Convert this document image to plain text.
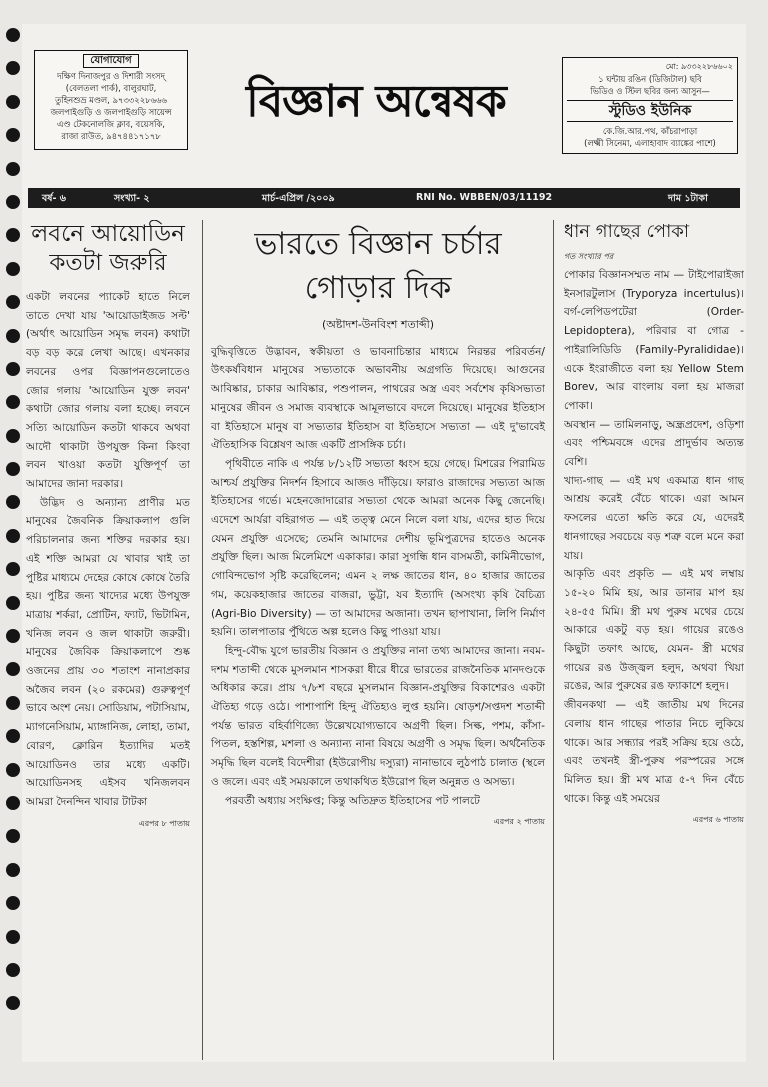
যোগাযোগ
দক্ষিণ দিনাজপুর ও দিশারী সংসদ্‌
(বেলতলা পার্ক), বালুরঘাট,
তুহিনশুভ্র মণ্ডল, ৯৭৩৩২২৮৬৬৬
জলপাইগুড়ি ও জলপাইগুড়ি সায়েন্স
এণ্ড টেকনোলজি ক্লাব, বয়েসকি,
রাজা রাউত, ৯৪৭৪৪১৭১৭৮
বিজ্ঞান অন্বেষক
মো: ৯৩৩২২৮৬৬০২
১ ঘন্টায় রঙিন (ডিজিটাল) ছবি
ভিডিও ও স্টিল ছবির জন্য আসুন—
স্টুডিও ইউনিক
কে.জি.আর.পথ, কাঁচরাপাড়া
(লক্ষ্মী সিনেমা, এলাহাবাদ ব্যাঙ্কের পাশে)
বর্ষ- ৬	সংখ্যা- ২	মার্চ-এপ্রিল /২০০৯	RNI No. WBBEN/03/11192	দাম ১টাকা
লবনে আয়োডিন কতটা জরুরি

একটা লবনের প্যাকেট হাতে নিলে তাতে দেখা যায় 'আয়োডাইজড সল্ট' (অর্থাৎ আয়োডিন সমৃদ্ধ লবন) কথাটা বড় বড় করে লেখা আছে। এখনকার লবনের ওপর বিজ্ঞাপনগুলোতেও জোর গলায় 'আয়োডিন যুক্ত লবন' কথাটা জোর গলায় বলা হচ্ছে। লবনে সত্যি আয়োডিন কতটা থাকবে অথবা আদৌ থাকাটা উপযুক্ত কিনা কিংবা লবন খাওয়া কতটা যুক্তিপূর্ণ তা আমাদের জানা দরকার।

উদ্ভিদ ও অন্যান্য প্রাণীর মত মানুষের জৈবনিক ক্রিয়াকলাপ গুলি পরিচালনার জন্য শক্তির দরকার হয়। এই শক্তি আমরা যে খাবার খাই তা পুষ্টির মাধ্যমে দেহের কোষে কোষে তৈরি হয়। পুষ্টির জন্য খাদ্যের মধ্যে উপযুক্ত মাত্রায় শর্করা, প্রোটিন, ফ্যাট, ভিটামিন, খনিজ লবন ও জল থাকাটা জরুরী। মানুষের জৈবিক ক্রিয়াকলাপে শুষ্ক ওজনের প্রায় ৩০ শতাংশ নানাপ্রকার অজৈব লবন (২০ রকমের) গুরুত্বপূর্ণ ভাবে অংশ নেয়। সোডিয়াম, পটাসিয়াম, ম্যাগনেসিয়াম, ম্যাঙ্গানিজ, লোহা, তামা, বোরণ, ক্লোরিন ইত্যাদির মতই আয়োডিনও তার মধ্যে একটি। আয়োডিনসহ এইসব খনিজলবন আমরা দৈনন্দিন খাবার টাটকা

এরপর ৮ পাতায়
ভারতে বিজ্ঞান চর্চার গোড়ার দিক
(অষ্টাদশ-উনবিংশ শতাব্দী)

বুদ্ধিবৃত্তিতে উদ্ভাবন, স্বকীয়তা ও ভাবনাচিন্তার মাধ্যমে নিরন্তর পরিবর্তন/উৎকর্ষবিধান মানুষের সভ্যতাকে অভাবনীয় অগ্রগতি দিয়েছে। আগুনের আবিষ্কার, চাকার আবিষ্কার, পশুপালন, পাথরের অস্ত্র এবং সর্বশেষ কৃষিসভ্যতা মানুষের জীবন ও সমাজ ব্যবস্থাকে আমূলভাবে বদলে দিয়েছে। মানুষের ইতিহাস বা ইতিহাসে মানুষ বা সভ্যতার ইতিহাস বা ইতিহাসে সভ্যতা — এই দু'ভাবেই ঐতিহাসিক বিশ্লেষণ আজ একটি প্রাসঙ্গিক চর্চা।

পৃথিবীতে নাকি এ পর্যন্ত ৮/১২টি সভ্যতা ধ্বংস হয়ে গেছে। মিশরের পিরামিড আশ্চর্য প্রযুক্তির নিদর্শন হিসাবে আজও দাঁড়িয়ে। ফারাও রাজাদের সভ্যতা আজ ইতিহাসের গর্ভে। মহেনজোদারোর সভ্যতা থেকে আমরা অনেক কিছু জেনেছি। এদেশে আর্যরা বহিরাগত — এই তত্ত্ব মেনে নিলে বলা যায়, এদের হাত দিয়ে যেমন প্রযুক্তি এসেছে; তেমনি আমাদের দেশীয় ভূমিপুত্রদের হাতেও অনেক প্রযুক্তি ছিল। আজ মিলেমিশে একাকার। কারা সুগন্ধি ধান বাসমতী, কামিনীভোগ, গোবিন্দভোগ সৃষ্টি করেছিলেন; এমন ২ লক্ষ জাতের ধান, ৪০ হাজার জাতের গম, কয়েকহাজার জাতের বাজরা, ভুট্টা, যব ইত্যাদি (অসংখ্য কৃষি বৈচিত্র্য (Agri-Bio Diversity) — তা আমাদের অজানা। তখন ছাপাখানা, লিপি নির্মাণ হয়নি। তালপাতার পুঁথিতে অল্প হলেও কিছু পাওয়া যায়।

হিন্দু-বৌদ্ধ যুগে ভারতীয় বিজ্ঞান ও প্রযুক্তির নানা তথ্য আমাদের জানা। নবম-দশম শতাব্দী থেকে মুসলমান শাসকরা ধীরে ধীরে ভারতের রাজনৈতিক মানদণ্ডকে অধিকার করে। প্রায় ৭/৮শ বছরে মুসলমান বিজ্ঞান-প্রযুক্তির বিকাশেরও একটা ঐতিহ্য গড়ে ওঠে। পাশাপাশি হিন্দু ঐতিহ্যও লুপ্ত হয়নি। ষোড়শ/সপ্তদশ শতাব্দী পর্যন্ত ভারত বহির্বাণিজ্যে উল্লেখযোগ্যভাবে অগ্রণী ছিল। সিল্ক, পশম, কাঁসা-পিতল, হস্তশিল্প, মশলা ও অন্যান্য নানা বিষয়ে অগ্রণী ও সমৃদ্ধ ছিল। অর্থনৈতিক সমৃদ্ধি ছিল বলেই বিদেশীরা (ইউরোপীয় দস্যুরা) নানাভাবে লুঠপাঠ চালাত (স্থলে ও জলে। এবং এই সময়কালে তথাকথিত ইউরোপ ছিল অনুন্নত ও অসভ্য।

পরবর্তী অধ্যায় সংক্ষিপ্ত; কিন্তু অতিদ্রুত ইতিহাসের পট পালটে

এরপর ২ পাতায়
ধান গাছের পোকা
গত সংখ্যার পর

পোকার বিজ্ঞানসম্মত নাম — টাইপোরাইজা ইনসারটুলাস (Tryporyza incertulus)। বর্গ-লেপিডপটেরা (Order-Lepidoptera), পরিবার বা গোত্র - পাইরালিডিডি (Family-Pyralididae)। একে ইংরাজীতে বলা হয় Yellow Stem Borev, আর বাংলায় বলা হয় মাজরা পোকা।

অবস্থান — তামিলনাড়ু, অন্ধ্রপ্রদেশ, ওড়িশা এবং পশ্চিমবঙ্গে এদের প্রাদুর্ভাব অত্যন্ত বেশি।

খাদ্য-গাছ — এই মথ একমাত্র ধান গাছ আশ্রয় করেই বেঁচে থাকে। এরা আমন ফসলের এতো ক্ষতি করে যে, এদেরই ধানগাছের সবচেয়ে বড় শত্রু বলে মনে করা যায়।

আকৃতি এবং প্রকৃতি — এই মথ লম্বায় ১৫-২০ মিমি হয়, আর ডানার মাপ হয় ২৪-৫৫ মিমি। স্ত্রী মথ পুরুষ মথের চেয়ে আকারে একটু বড় হয়। গায়ের রঙেও কিছুটা তফাৎ আছে, যেমন- স্ত্রী মথের গায়ের রঙ উজ্জ্বল হলুদ, অথবা খিয়া রঙের, আর পুরুষের রঙ ফ্যাকাশে হলুদ।

জীবনকথা — এই জাতীয় মথ দিনের বেলায় ধান গাছের পাতার নিচে লুকিয়ে থাকে। আর সন্ধ্যার পরই সক্রিয় হয়ে ওঠে, এবং তখনই স্ত্রী-পুরুষ পরস্পরের সঙ্গে মিলিত হয়। স্ত্রী মথ মাত্র ৫-৭ দিন বেঁচে থাকে। কিন্তু এই সময়ের

এরপর ৬ পাতায়
